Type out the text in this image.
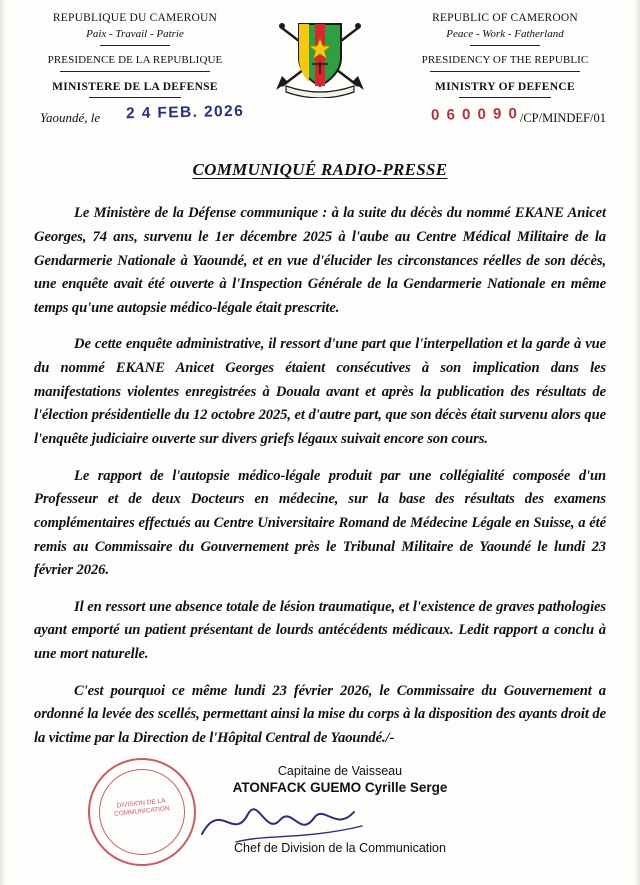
REPUBLIQUE DU CAMEROUN
Paix - Travail - Patrie
PRESIDENCE DE LA REPUBLIQUE
MINISTERE DE LA DEFENSE
REPUBLIC OF CAMEROON
Peace - Work - Fatherland
PRESIDENCY OF THE REPUBLIC
MINISTRY OF DEFENCE
Yaoundé, le 2 4 FEB. 2026	0 6 0 0 9 0 /CP/MINDEF/01
COMMUNIQUÉ RADIO-PRESSE

Le Ministère de la Défense communique : à la suite du décès du nommé EKANE Anicet Georges, 74 ans, survenu le 1er décembre 2025 à l'aube au Centre Médical Militaire de la Gendarmerie Nationale à Yaoundé, et en vue d'élucider les circonstances réelles de son décès, une enquête avait été ouverte à l'Inspection Générale de la Gendarmerie Nationale en même temps qu'une autopsie médico-légale était prescrite.

De cette enquête administrative, il ressort d'une part que l'interpellation et la garde à vue du nommé EKANE Anicet Georges étaient consécutives à son implication dans les manifestations violentes enregistrées à Douala avant et après la publication des résultats de l'élection présidentielle du 12 octobre 2025, et d'autre part, que son décès était survenu alors que l'enquête judiciaire ouverte sur divers griefs légaux suivait encore son cours.

Le rapport de l'autopsie médico-légale produit par une collégialité composée d'un Professeur et de deux Docteurs en médecine, sur la base des résultats des examens complémentaires effectués au Centre Universitaire Romand de Médecine Légale en Suisse, a été remis au Commissaire du Gouvernement près le Tribunal Militaire de Yaoundé le lundi 23 février 2026.

Il en ressort une absence totale de lésion traumatique, et l'existence de graves pathologies ayant emporté un patient présentant de lourds antécédents médicaux. Ledit rapport a conclu à une mort naturelle.

C'est pourquoi ce même lundi 23 février 2026, le Commissaire du Gouvernement a ordonné la levée des scellés, permettant ainsi la mise du corps à la disposition des ayants droit de la victime par la Direction de l'Hôpital Central de Yaoundé./-

Capitaine de Vaisseau
ATONFACK GUEMO Cyrille Serge
DIVISION DE LA COMMUNICATION
Chef de Division de la Communication
